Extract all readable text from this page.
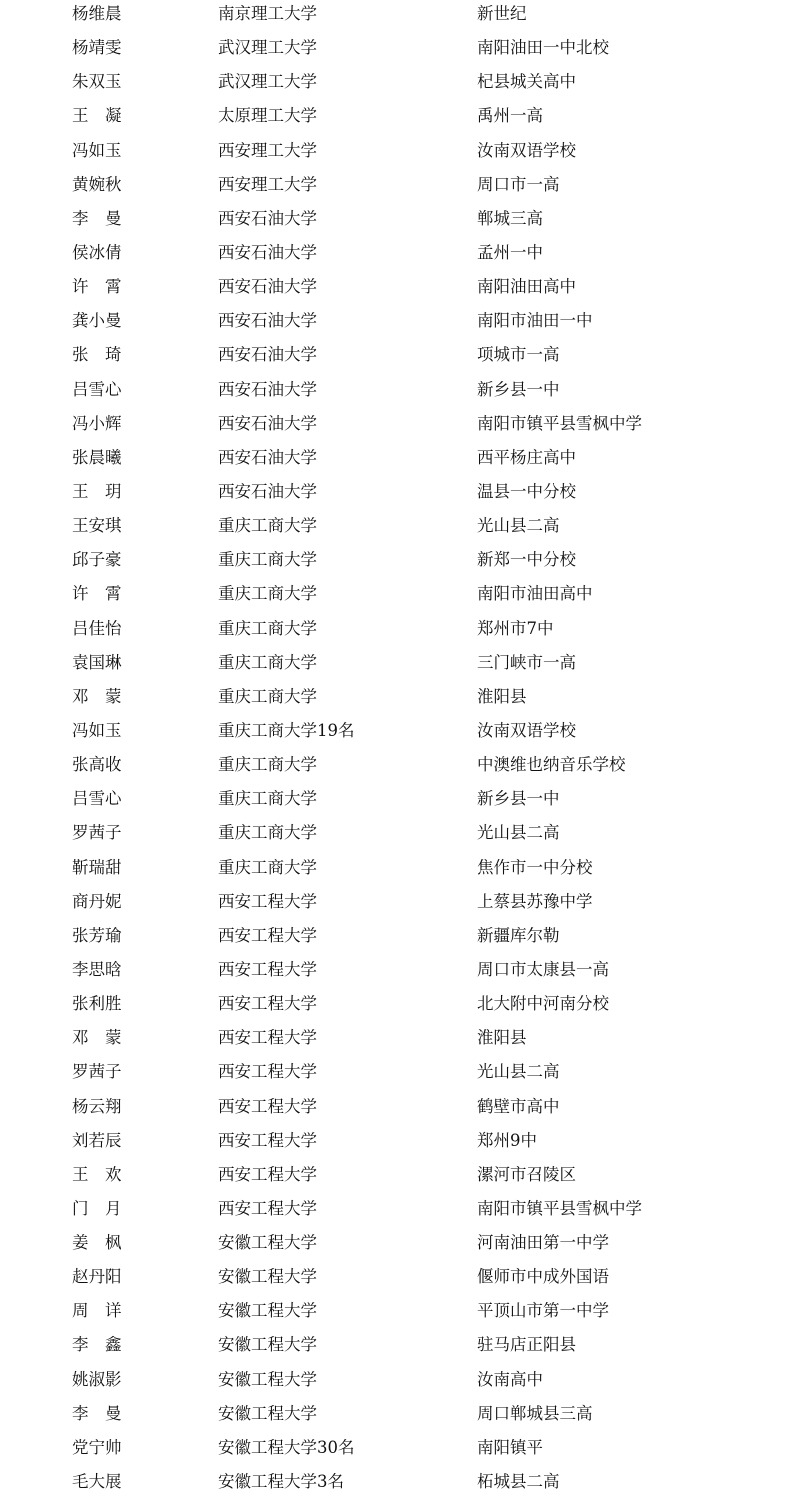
杨维晨	南京理工大学	新世纪
杨靖雯	武汉理工大学	南阳油田一中北校
朱双玉	武汉理工大学	杞县城关高中
王　凝	太原理工大学	禹州一高
冯如玉	西安理工大学	汝南双语学校
黄婉秋	西安理工大学	周口市一高
李　曼	西安石油大学	郸城三高
侯冰倩	西安石油大学	孟州一中
许　霄	西安石油大学	南阳油田高中
龚小曼	西安石油大学	南阳市油田一中
张　琦	西安石油大学	项城市一高
吕雪心	西安石油大学	新乡县一中
冯小辉	西安石油大学	南阳市镇平县雪枫中学
张晨曦	西安石油大学	西平杨庄高中
王　玥	西安石油大学	温县一中分校
王安琪	重庆工商大学	光山县二高
邱子豪	重庆工商大学	新郑一中分校
许　霄	重庆工商大学	南阳市油田高中
吕佳怡	重庆工商大学	郑州市7中
袁国琳	重庆工商大学	三门峡市一高
邓　蒙	重庆工商大学	淮阳县
冯如玉	重庆工商大学19名	汝南双语学校
张高收	重庆工商大学	中澳维也纳音乐学校
吕雪心	重庆工商大学	新乡县一中
罗茜子	重庆工商大学	光山县二高
靳瑞甜	重庆工商大学	焦作市一中分校
商丹妮	西安工程大学	上蔡县苏豫中学
张芳瑜	西安工程大学	新疆库尔勒
李思晗	西安工程大学	周口市太康县一高
张利胜	西安工程大学	北大附中河南分校
邓　蒙	西安工程大学	淮阳县
罗茜子	西安工程大学	光山县二高
杨云翔	西安工程大学	鹤壁市高中
刘若辰	西安工程大学	郑州9中
王　欢	西安工程大学	漯河市召陵区
门　月	西安工程大学	南阳市镇平县雪枫中学
姜　枫	安徽工程大学	河南油田第一中学
赵丹阳	安徽工程大学	偃师市中成外国语
周　详	安徽工程大学	平顶山市第一中学
李　鑫	安徽工程大学	驻马店正阳县
姚淑影	安徽工程大学	汝南高中
李　曼	安徽工程大学	周口郸城县三高
党宁帅	安徽工程大学30名	南阳镇平
毛大展	安徽工程大学3名	柘城县二高
